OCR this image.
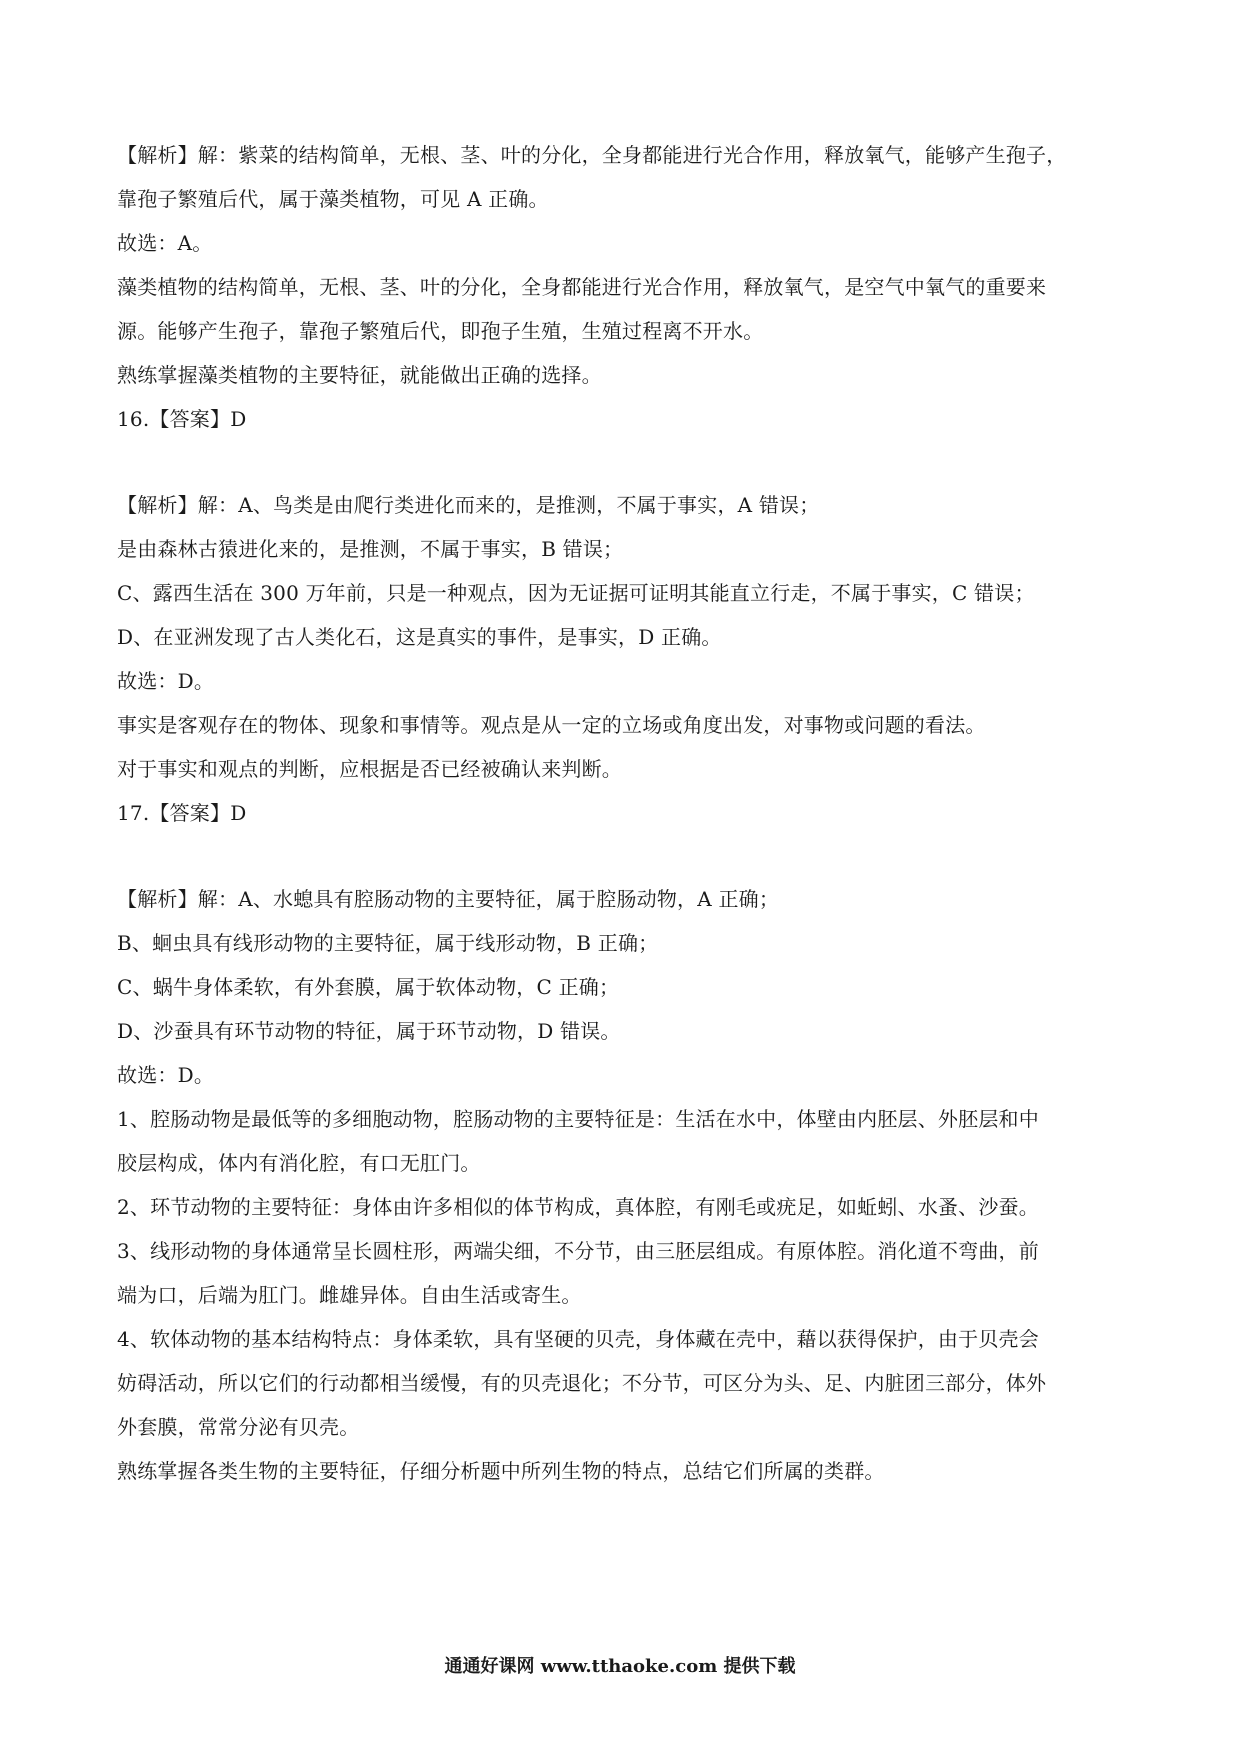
【解析】解：紫菜的结构简单，无根、茎、叶的分化，全身都能进行光合作用，释放氧气，能够产生孢子，
靠孢子繁殖后代，属于藻类植物，可见 A 正确。
故选：A。
藻类植物的结构简单，无根、茎、叶的分化，全身都能进行光合作用，释放氧气，是空气中氧气的重要来
源。能够产生孢子，靠孢子繁殖后代，即孢子生殖，生殖过程离不开水。
熟练掌握藻类植物的主要特征，就能做出正确的选择。
16.【答案】D
【解析】解：A、鸟类是由爬行类进化而来的，是推测，不属于事实，A 错误；
是由森林古猿进化来的，是推测，不属于事实，B 错误；
C、露西生活在 300 万年前，只是一种观点，因为无证据可证明其能直立行走，不属于事实，C 错误；
D、在亚洲发现了古人类化石，这是真实的事件，是事实，D 正确。
故选：D。
事实是客观存在的物体、现象和事情等。观点是从一定的立场或角度出发，对事物或问题的看法。
对于事实和观点的判断，应根据是否已经被确认来判断。
17.【答案】D
【解析】解：A、水螅具有腔肠动物的主要特征，属于腔肠动物，A 正确；
B、蛔虫具有线形动物的主要特征，属于线形动物，B 正确；
C、蜗牛身体柔软，有外套膜，属于软体动物，C 正确；
D、沙蚕具有环节动物的特征，属于环节动物，D 错误。
故选：D。
1、腔肠动物是最低等的多细胞动物，腔肠动物的主要特征是：生活在水中，体壁由内胚层、外胚层和中
胶层构成，体内有消化腔，有口无肛门。
2、环节动物的主要特征：身体由许多相似的体节构成，真体腔，有刚毛或疣足，如蚯蚓、水蚤、沙蚕。
3、线形动物的身体通常呈长圆柱形，两端尖细，不分节，由三胚层组成。有原体腔。消化道不弯曲，前
端为口，后端为肛门。雌雄异体。自由生活或寄生。
4、软体动物的基本结构特点：身体柔软，具有坚硬的贝壳，身体藏在壳中，藉以获得保护，由于贝壳会
妨碍活动，所以它们的行动都相当缓慢，有的贝壳退化；不分节，可区分为头、足、内脏团三部分，体外
外套膜，常常分泌有贝壳。
熟练掌握各类生物的主要特征，仔细分析题中所列生物的特点，总结它们所属的类群。
通通好课网 www.tthaoke.com 提供下载
